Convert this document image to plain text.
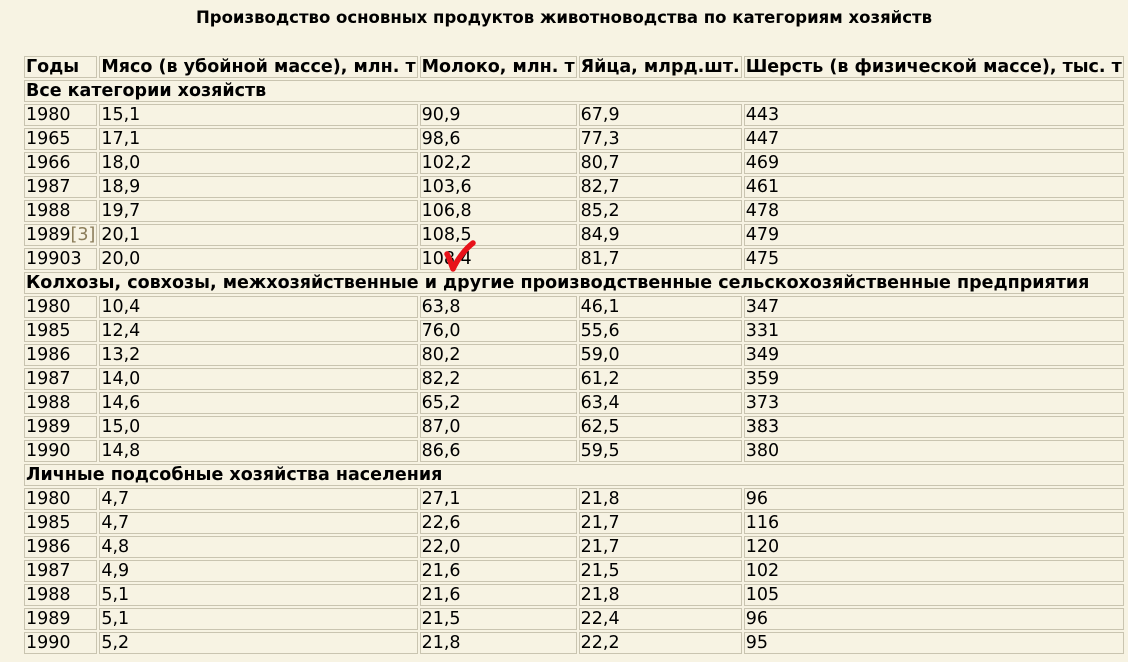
Производство основных продуктов животноводства по категориям хозяйств
Годы	Мясо (в убойной массе), млн. т	Молоко, млн. т	Яйца, млрд.шт.	Шерсть (в физической массе), тыс. т
Все категории хозяйств				
1980	15,1	90,9	67,9	443
1965	17,1	98,6	77,3	447
1966	18,0	102,2	80,7	469
1987	18,9	103,6	82,7	461
1988	19,7	106,8	85,2	478
1989[3]	20,1	108,5	84,9	479
19903	20,0	108,4	81,7	475
Колхозы, совхозы, межхозяйственные и другие производственные сельскохозяйственные предприятия				
1980	10,4	63,8	46,1	347
1985	12,4	76,0	55,6	331
1986	13,2	80,2	59,0	349
1987	14,0	82,2	61,2	359
1988	14,6	65,2	63,4	373
1989	15,0	87,0	62,5	383
1990	14,8	86,6	59,5	380
Личные подсобные хозяйства населения				
1980	4,7	27,1	21,8	96
1985	4,7	22,6	21,7	116
1986	4,8	22,0	21,7	120
1987	4,9	21,6	21,5	102
1988	5,1	21,6	21,8	105
1989	5,1	21,5	22,4	96
1990	5,2	21,8	22,2	95
